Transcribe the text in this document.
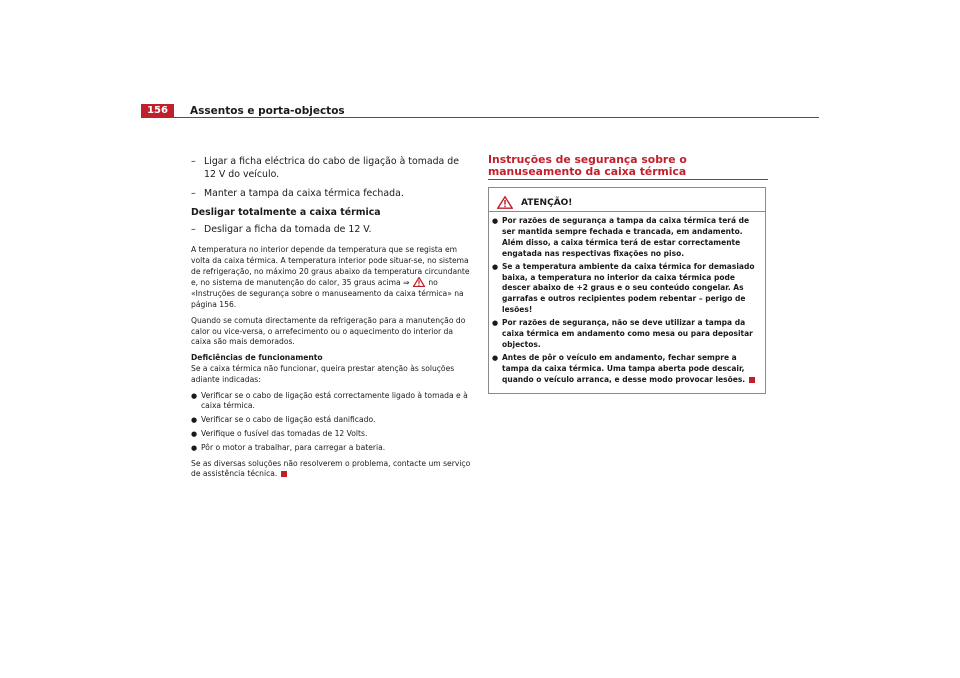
156	Assentos e porta-objectos
– Ligar a ficha eléctrica do cabo de ligação à tomada de 12 V do veículo.
– Manter a tampa da caixa térmica fechada.
Desligar totalmente a caixa térmica
– Desligar a ficha da tomada de 12 V.

A temperatura no interior depende da temperatura que se regista em volta da caixa térmica. A temperatura interior pode situar-se, no sistema de refrigeração, no máximo 20 graus abaixo da temperatura circundante e, no sistema de manutenção do calor, 35 graus acima ⇒ no «Instruções de segurança sobre o manuseamento da caixa térmica» na página 156.

Quando se comuta directamente da refrigeração para a manutenção do calor ou vice-versa, o arrefecimento ou o aquecimento do interior da caixa são mais demorados.

Deficiências de funcionamento

Se a caixa térmica não funcionar, queira prestar atenção às soluções adiante indicadas:

● Verificar se o cabo de ligação está correctamente ligado à tomada e à caixa térmica.
● Verificar se o cabo de ligação está danificado.
● Verifique o fusível das tomadas de 12 Volts.
● Pôr o motor a trabalhar, para carregar a bateria.

Se as diversas soluções não resolverem o problema, contacte um serviço de assistência técnica.

Instruções de segurança sobre o manuseamento da caixa térmica
ATENÇÃO!
● Por razões de segurança a tampa da caixa térmica terá de ser mantida sempre fechada e trancada, em andamento. Além disso, a caixa térmica terá de estar correctamente engatada nas respectivas fixações no piso.
● Se a temperatura ambiente da caixa térmica for demasiado baixa, a temperatura no interior da caixa térmica pode descer abaixo de +2 graus e o seu conteúdo congelar. As garrafas e outros recipientes podem rebentar – perigo de lesões!
● Por razões de segurança, não se deve utilizar a tampa da caixa térmica em andamento como mesa ou para depositar objectos.
● Antes de pôr o veículo em andamento, fechar sempre a tampa da caixa térmica. Uma tampa aberta pode descair, quando o veículo arranca, e desse modo provocar lesões.
